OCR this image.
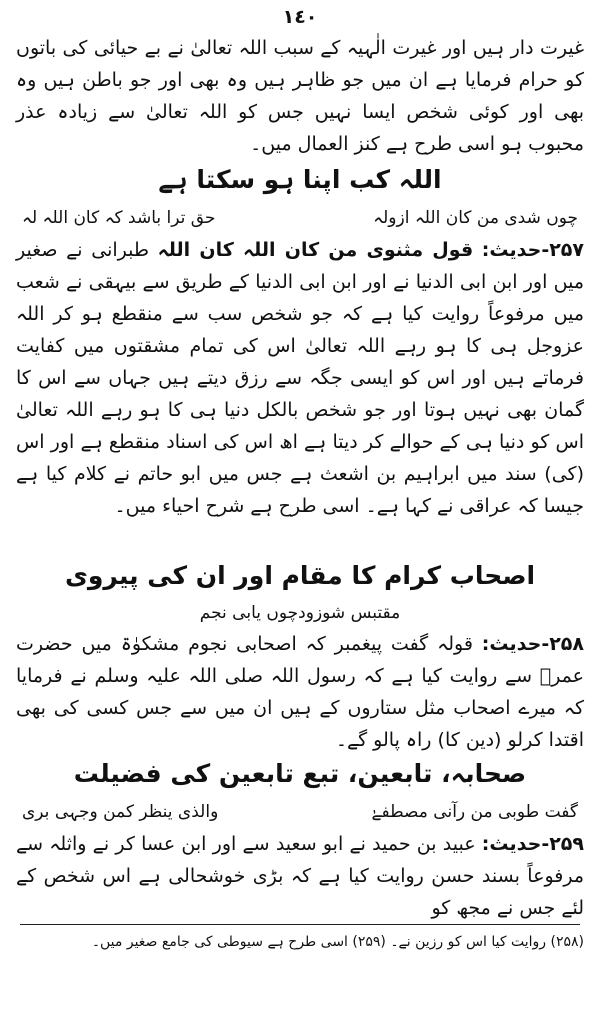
١٤٠

غیرت دار ہیں اور غیرت الٰہیہ کے سبب اللہ تعالیٰ نے بے حیائی کی باتوں کو حرام فرمایا ہے ان میں جو ظاہر ہیں وہ بھی اور جو باطن ہیں وہ بھی اور کوئی شخص ایسا نہیں جس کو اللہ تعالیٰ سے زیادہ عذر محبوب ہو اسی طرح ہے کنز العمال میں۔

اللہ کب اپنا ہو سکتا ہے

چوں شدی من کان اللہ ازولہ
حق ترا باشد کہ کان اللہ لہ

۲۵۷-حدیث: قول مثنوی من کان اللہ کان اللہ طبرانی نے صغیر میں اور ابن ابی الدنیا نے اور ابن ابی الدنیا کے طریق سے بیہقی نے شعب میں مرفوعاً روایت کیا ہے کہ جو شخص سب سے منقطع ہو کر اللہ عزوجل ہی کا ہو رہے اللہ تعالیٰ اس کی تمام مشقتوں میں کفایت فرماتے ہیں اور اس کو ایسی جگہ سے رزق دیتے ہیں جہاں سے اس کا گمان بھی نہیں ہوتا اور جو شخص بالکل دنیا ہی کا ہو رہے اللہ تعالیٰ اس کو دنیا ہی کے حوالے کر دیتا ہے اھ اس کی اسناد منقطع ہے اور اس (کی) سند میں ابراہیم بن اشعث ہے جس میں ابو حاتم نے کلام کیا ہے جیسا کہ عراقی نے کہا ہے۔ اسی طرح ہے شرح احیاء میں۔

اصحاب کرام کا مقام اور ان کی پیروی

مقتبس شوزودچوں یابی نجم

۲۵۸-حدیث: قولہ گفت پیغمبر کہ اصحابی نجوم مشکوٰۃ میں حضرت عمرؓ سے روایت کیا ہے کہ رسول اللہ صلی اللہ علیہ وسلم نے فرمایا کہ میرے اصحاب مثل ستاروں کے ہیں ان میں سے جس کسی کی بھی اقتدا کرلو (دین کا) راہ پالو گے۔

صحابہ، تابعین، تبع تابعین کی فضیلت

گفت طوبی من رآنی مصطفےٰ
والذی ینظر کمن وجہی بری

۲۵۹-حدیث: عبید بن حمید نے ابو سعید سے اور ابن عسا کر نے واثلہ سے مرفوعاً بسند حسن روایت کیا ہے کہ بڑی خوشحالی ہے اس شخص کے لئے جس نے مجھ کو

(۲۵۸) روایت کیا اس کو رزین نے۔ (۲۵۹) اسی طرح ہے سیوطی کی جامع صغیر میں۔
